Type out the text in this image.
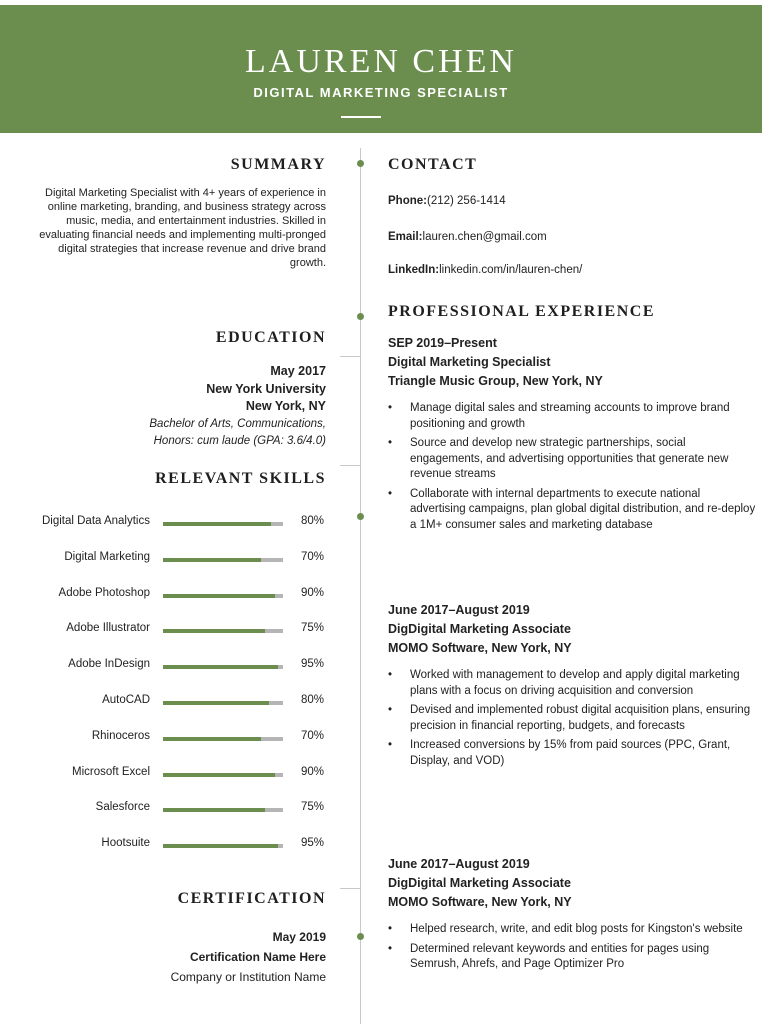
LAUREN CHEN
DIGITAL MARKETING SPECIALIST
SUMMARY
Digital Marketing Specialist with 4+ years of experience in online marketing, branding, and business strategy across music, media, and entertainment industries. Skilled in evaluating financial needs and implementing multi-pronged digital strategies that increase revenue and drive brand growth.
EDUCATION
May 2017
New York University
New York, NY
Bachelor of Arts, Communications,
Honors: cum laude (GPA: 3.6/4.0)
RELEVANT SKILLS
Digital Data Analytics	80%
Digital Marketing	70%
Adobe Photoshop	90%
Adobe Illustrator	75%
Adobe InDesign	95%
AutoCAD	80%
Rhinoceros	70%
Microsoft Excel	90%
Salesforce	75%
Hootsuite	95%
CERTIFICATION
May 2019
Certification Name Here
Company or Institution Name
CONTACT
Phone:(212) 256-1414
Email:lauren.chen@gmail.com
LinkedIn:linkedin.com/in/lauren-chen/
PROFESSIONAL EXPERIENCE
SEP 2019–Present
Digital Marketing Specialist
Triangle Music Group, New York, NY
• Manage digital sales and streaming accounts to improve brand positioning and growth
• Source and develop new strategic partnerships, social engagements, and advertising opportunities that generate new revenue streams
• Collaborate with internal departments to execute national advertising campaigns, plan global digital distribution, and re-deploy a 1M+ consumer sales and marketing database
June 2017–August 2019
DigDigital Marketing Associate
MOMO Software, New York, NY
• Worked with management to develop and apply digital marketing plans with a focus on driving acquisition and conversion
• Devised and implemented robust digital acquisition plans, ensuring precision in financial reporting, budgets, and forecasts
• Increased conversions by 15% from paid sources (PPC, Grant, Display, and VOD)
June 2017–August 2019
DigDigital Marketing Associate
MOMO Software, New York, NY
• Helped research, write, and edit blog posts for Kingston's website
• Determined relevant keywords and entities for pages using Semrush, Ahrefs, and Page Optimizer Pro
